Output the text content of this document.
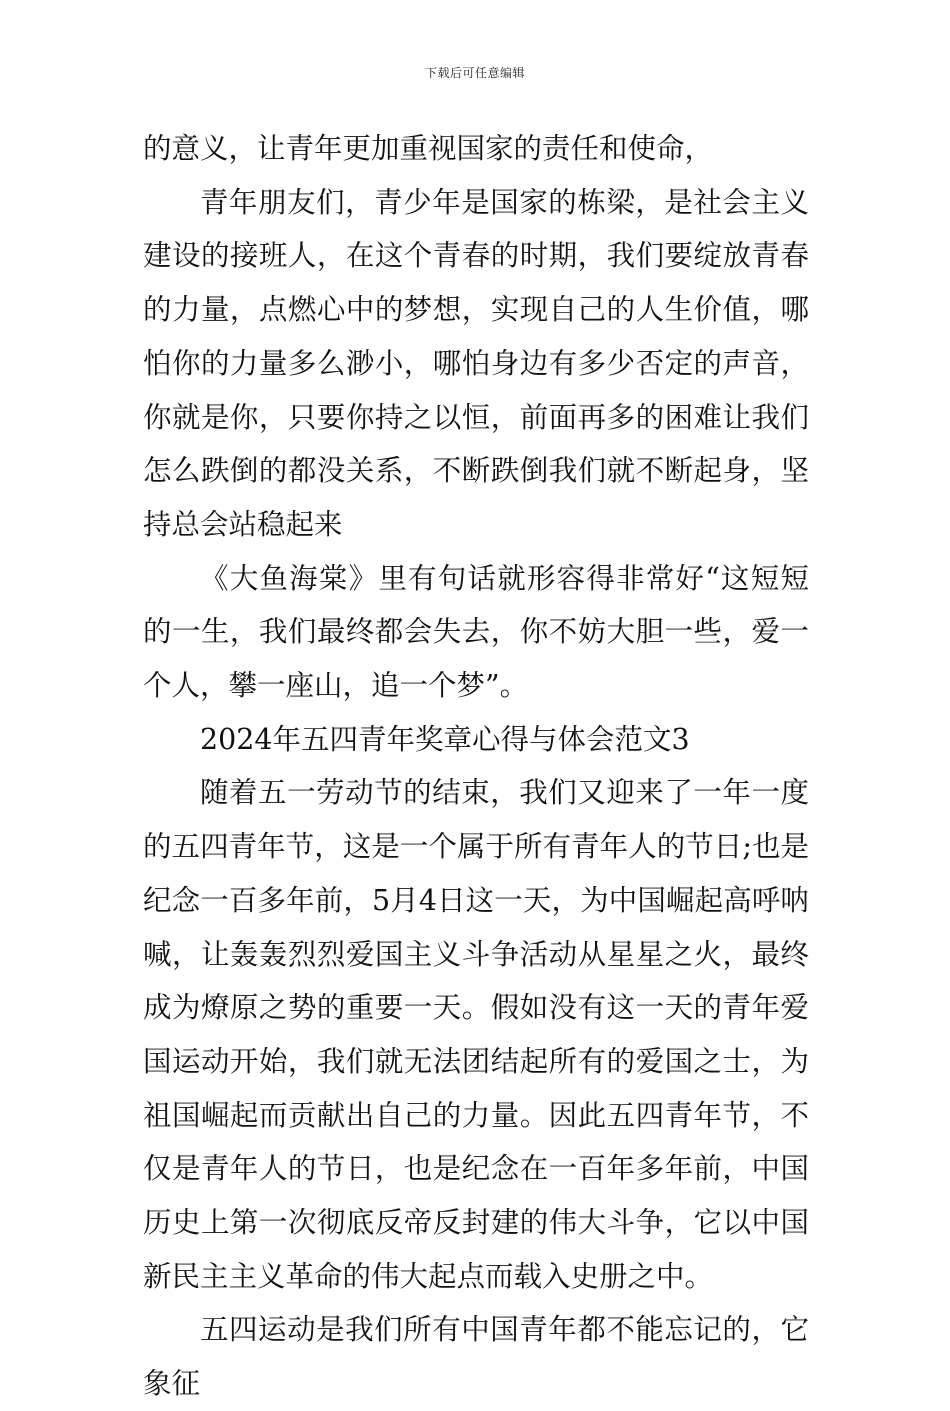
下载后可任意编辑

的意义，让青年更加重视国家的责任和使命，

青年朋友们，青少年是国家的栋梁，是社会主义建设的接班人，在这个青春的时期，我们要绽放青春的力量，点燃心中的梦想，实现自己的人生价值，哪怕你的力量多么渺小，哪怕身边有多少否定的声音，你就是你，只要你持之以恒，前面再多的困难让我们怎么跌倒的都没关系，不断跌倒我们就不断起身，坚持总会站稳起来

《大鱼海棠》里有句话就形容得非常好“这短短的一生，我们最终都会失去，你不妨大胆一些，爱一个人，攀一座山，追一个梦”。

2024年五四青年奖章心得与体会范文3

随着五一劳动节的结束，我们又迎来了一年一度的五四青年节，这是一个属于所有青年人的节日;也是纪念一百多年前，5月4日这一天，为中国崛起高呼呐喊，让轰轰烈烈爱国主义斗争活动从星星之火，最终成为燎原之势的重要一天。假如没有这一天的青年爱国运动开始，我们就无法团结起所有的爱国之士，为祖国崛起而贡献出自己的力量。因此五四青年节，不仅是青年人的节日，也是纪念在一百年多年前，中国历史上第一次彻底反帝反封建的伟大斗争，它以中国新民主主义革命的伟大起点而载入史册之中。

五四运动是我们所有中国青年都不能忘记的，它象征
